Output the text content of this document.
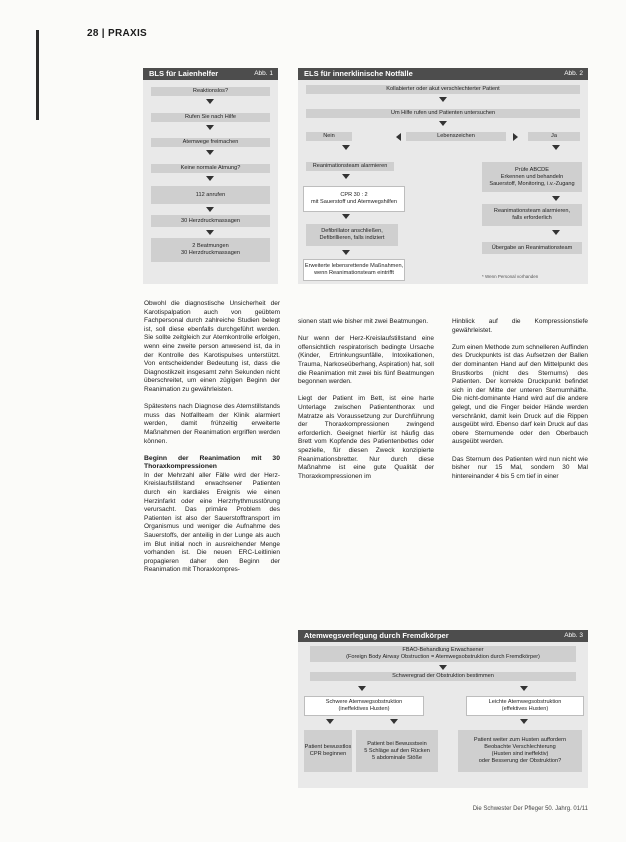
28 | PRAXIS
BLS für Laienhelfer	Abb. 1
Reaktionslos?
Rufen Sie nach Hilfe
Atemwege freimachen
Keine normale Atmung?
112 anrufen
30 Herzdruckmassagen
2 Beatmungen
30 Herzdruckmassagen
ELS für innerklinische Notfälle	Abb. 2
Kollabierter oder akut verschlechterter Patient
Um Hilfe rufen und Patienten untersuchen
Nein	Lebenszeichen	Ja
Reanimationsteam alarmieren
CPR 30 : 2
mit Sauerstoff und Atemwegshilfen
Defibrillator anschließen,
Defibrillieren, falls indiziert
Erweiterte lebensrettende Maßnahmen, wenn Reanimationsteam eintrifft
Prüfe ABCDE
Erkennen und behandeln
Sauerstoff, Monitoring, i.v.-Zugang
Reanimationsteam alarmieren,
falls erforderlich
Übergabe an Reanimationsteam
* Wenn Personal vorhanden

Obwohl die diagnostische Unsicherheit der Karotispalpation auch von geübtem Fachpersonal durch zahlreiche Studien belegt ist, soll diese ebenfalls durchgeführt werden. Sie sollte zeitgleich zur Atemkontrolle erfolgen, wenn eine zweite person anwesend ist, da in der Kontrolle des Karotispulses unterstützt. Von entscheidender Bedeutung ist, dass die Diagnostikzeit insgesamt zehn Sekunden nicht überschreitet, um einen zügigen Beginn der Reanimation zu gewährleisten.

Spätestens nach Diagnose des Atemstillstands muss das Notfallteam der Klinik alarmiert werden, damit frühzeitig erweiterte Maßnahmen der Reanimation ergriffen werden können.

Beginn der Reanimation mit 30 Thoraxkompressionen

In der Mehrzahl aller Fälle wird der Herz-Kreislaufstillstand erwachsener Patienten durch ein kardiales Ereignis wie einen Herzinfarkt oder eine Herzrhythmusstörung verursacht. Das primäre Problem des Patienten ist also der Sauerstofftransport im Organismus und weniger die Aufnahme des Sauerstoffs, der anteilig in der Lunge als auch im Blut initial noch in ausreichender Menge vorhanden ist. Die neuen ERC-Leitlinien propagieren daher den Beginn der Reanimation mit Thoraxkompres-

sionen statt wie bisher mit zwei Beatmungen.

Nur wenn der Herz-Kreislaufstillstand eine offensichtlich respiratorisch bedingte Ursache (Kinder, Ertrinkungsunfälle, Intoxikationen, Trauma, Narkoseüberhang, Aspiration) hat, soll die Reanimation mit zwei bis fünf Beatmungen begonnen werden.

Liegt der Patient im Bett, ist eine harte Unterlage zwischen Patiententhorax und Matratze als Voraussetzung zur Durchführung der Thoraxkompressionen zwingend erforderlich. Geeignet hierfür ist häufig das Brett vom Kopfende des Patientenbettes oder spezielle, für diesen Zweck konzipierte Reanimationsbretter. Nur durch diese Maßnahme ist eine gute Qualität der Thoraxkompressionen im

Hinblick auf die Kompressionstiefe gewährleistet.

Zum einen Methode zum schnelleren Auffinden des Druckpunkts ist das Aufsetzen der Ballen der dominanten Hand auf den Mittelpunkt des Brustkorbs (nicht des Sternums) des Patienten. Der korrekte Druckpunkt befindet sich in der Mitte der unteren Sternumhälfte. Die nicht-dominante Hand wird auf die andere gelegt, und die Finger beider Hände werden verschränkt, damit kein Druck auf die Rippen ausgeübt wird. Ebenso darf kein Druck auf das obere Sternumende oder den Oberbauch ausgeübt werden.

Das Sternum des Patienten wird nun nicht wie bisher nur 15 Mal, sondern 30 Mal hintereinander 4 bis 5 cm tief in einer

Atemwegsverlegung durch Fremdkörper	Abb. 3
FBAO-Behandlung Erwachsener
(Foreign Body Airway Obstruction = Atemwegsobstruktion durch Fremdkörper)
Schweregrad der Obstruktion bestimmen
Schwere Atemwegsobstruktion
(ineffektives Husten)
Leichte Atemwegsobstruktion
(effektives Husten)
Patient bewusstlos
CPR beginnen
Patient bei Bewusstsein
5 Schläge auf den Rücken
5 abdominale Stöße
Patient weiter zum Husten auffordern
Beobachte Verschlechterung
(Husten sind ineffektiv)
oder Besserung der Obstruktion?
Die Schwester Der Pfleger 50. Jahrg. 01/11
